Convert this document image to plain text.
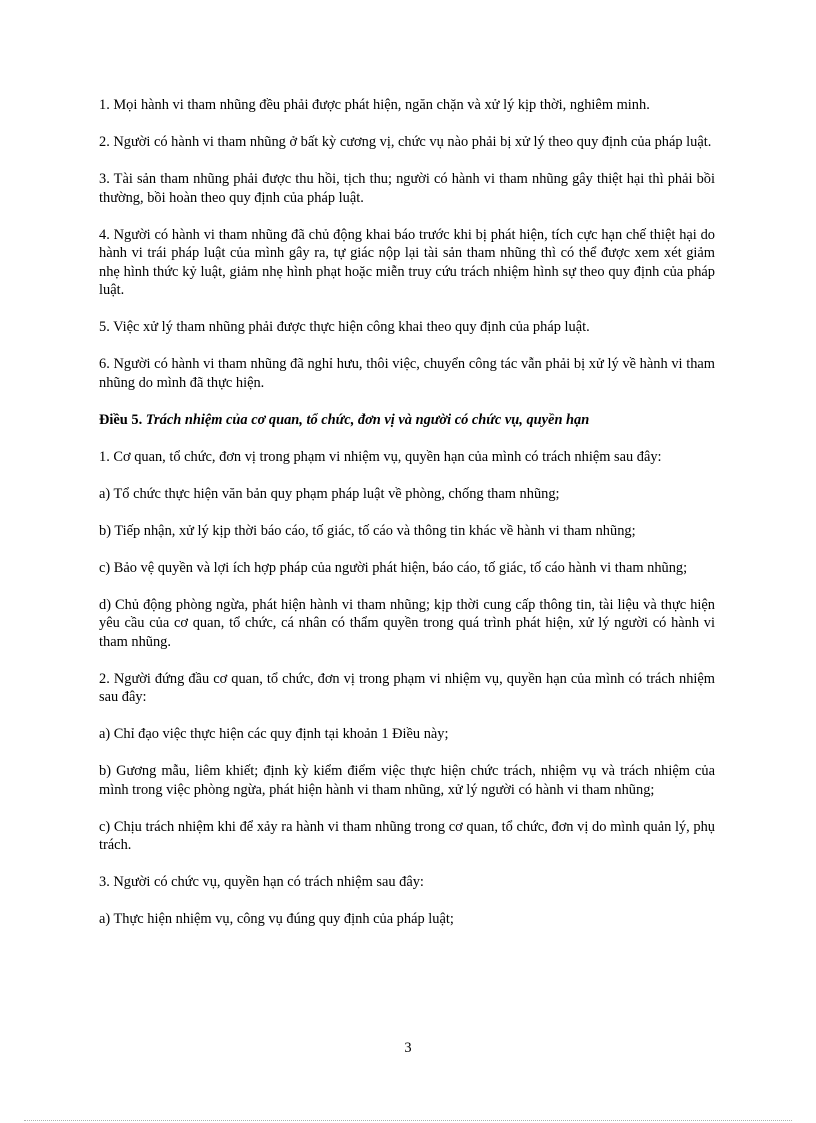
1. Mọi hành vi tham nhũng đều phải được phát hiện, ngăn chặn và xử lý kịp thời, nghiêm minh.

2. Người có hành vi tham nhũng ở bất kỳ cương vị, chức vụ nào phải bị xử lý theo quy định của pháp luật.

3. Tài sản tham nhũng phải được thu hồi, tịch thu; người có hành vi tham nhũng gây thiệt hại thì phải bồi thường, bồi hoàn theo quy định của pháp luật.

4. Người có hành vi tham nhũng đã chủ động khai báo trước khi bị phát hiện, tích cực hạn chế thiệt hại do hành vi trái pháp luật của mình gây ra, tự giác nộp lại tài sản tham nhũng thì có thể được xem xét giảm nhẹ hình thức kỷ luật, giảm nhẹ hình phạt hoặc miễn truy cứu trách nhiệm hình sự theo quy định của pháp luật.

5. Việc xử lý tham nhũng phải được thực hiện công khai theo quy định của pháp luật.

6. Người có hành vi tham nhũng đã nghỉ hưu, thôi việc, chuyển công tác vẫn phải bị xử lý về hành vi tham nhũng do mình đã thực hiện.

Điều 5. Trách nhiệm của cơ quan, tổ chức, đơn vị và người có chức vụ, quyền hạn

1. Cơ quan, tổ chức, đơn vị trong phạm vi nhiệm vụ, quyền hạn của mình có trách nhiệm sau đây:

a) Tổ chức thực hiện văn bản quy phạm pháp luật về phòng, chống tham nhũng;

b) Tiếp nhận, xử lý kịp thời báo cáo, tố giác, tố cáo và thông tin khác về hành vi tham nhũng;

c) Bảo vệ quyền và lợi ích hợp pháp của người phát hiện, báo cáo, tố giác, tố cáo hành vi tham nhũng;

d) Chủ động phòng ngừa, phát hiện hành vi tham nhũng; kịp thời cung cấp thông tin, tài liệu và thực hiện yêu cầu của cơ quan, tổ chức, cá nhân có thẩm quyền trong quá trình phát hiện, xử lý người có hành vi tham nhũng.

2. Người đứng đầu cơ quan, tổ chức, đơn vị trong phạm vi nhiệm vụ, quyền hạn của mình có trách nhiệm sau đây:

a) Chỉ đạo việc thực hiện các quy định tại khoản 1 Điều này;

b) Gương mẫu, liêm khiết; định kỳ kiểm điểm việc thực hiện chức trách, nhiệm vụ và trách nhiệm của mình trong việc phòng ngừa, phát hiện hành vi tham nhũng, xử lý người có hành vi tham nhũng;

c) Chịu trách nhiệm khi để xảy ra hành vi tham nhũng trong cơ quan, tổ chức, đơn vị do mình quản lý, phụ trách.

3. Người có chức vụ, quyền hạn có trách nhiệm sau đây:

a) Thực hiện nhiệm vụ, công vụ đúng quy định của pháp luật;

3
